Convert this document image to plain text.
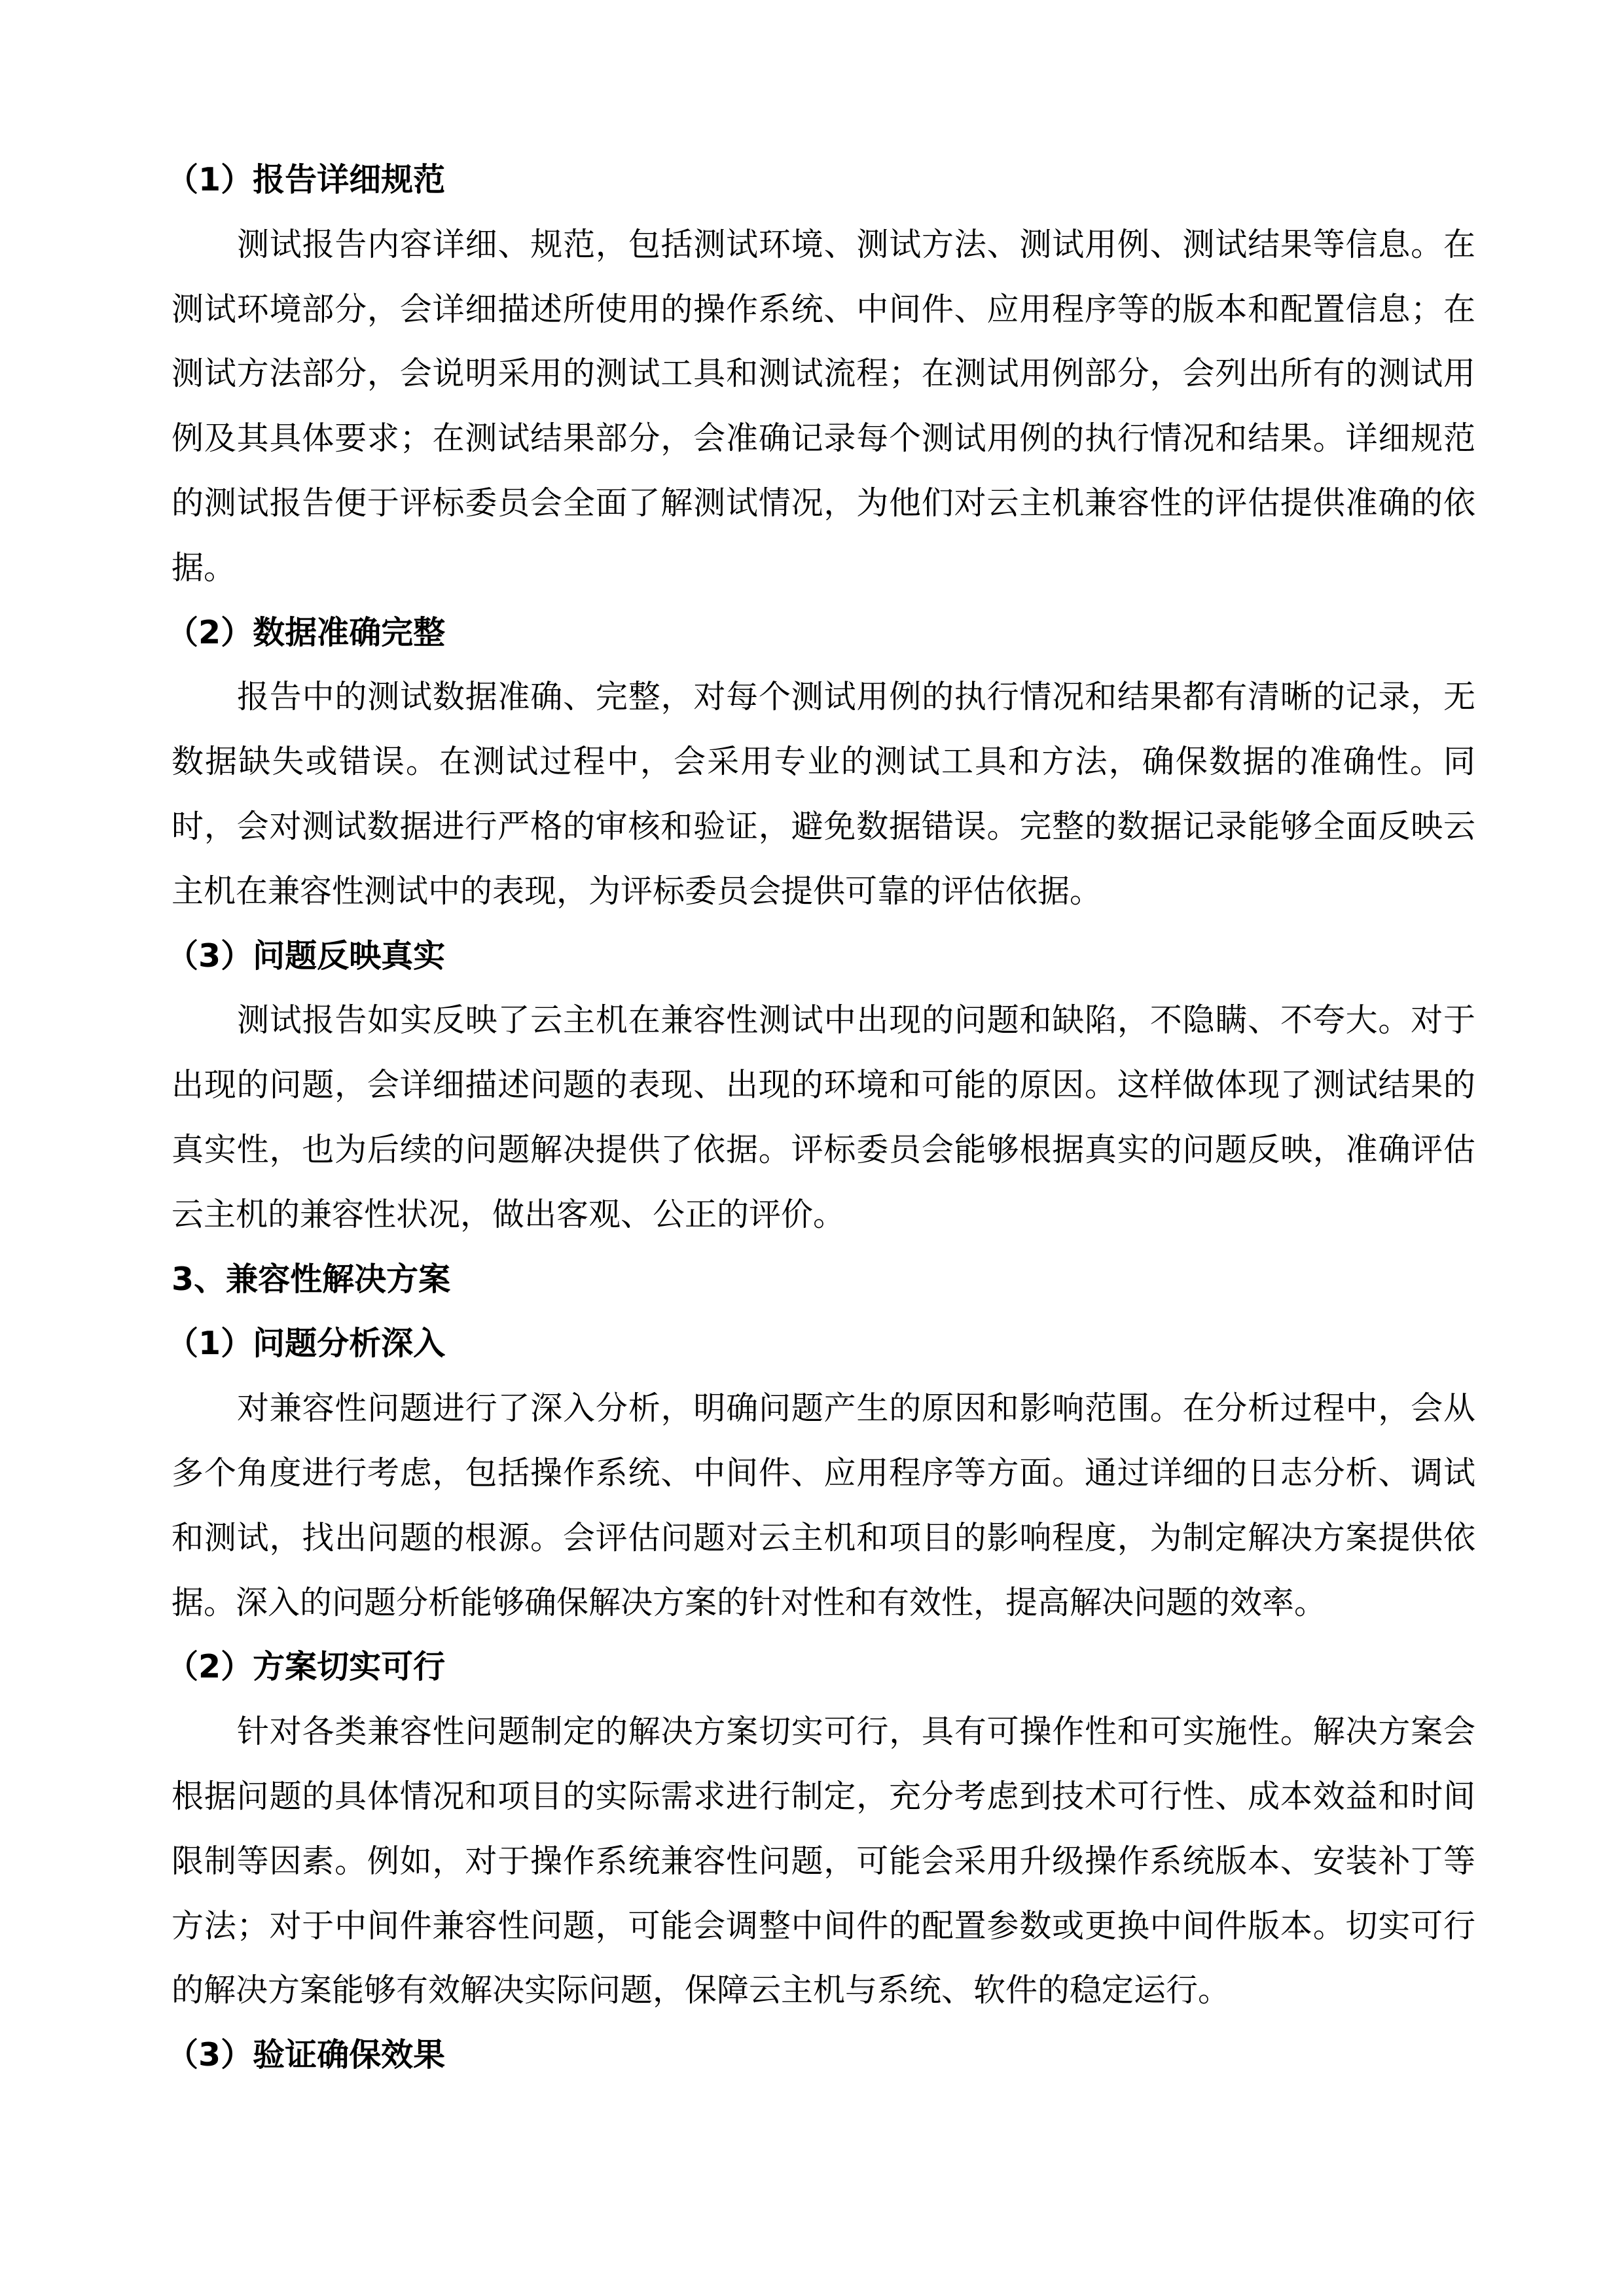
（1）报告详细规范
测试报告内容详细、规范，包括测试环境、测试方法、测试用例、测试结果等信息。在
测试环境部分，会详细描述所使用的操作系统、中间件、应用程序等的版本和配置信息；在
测试方法部分，会说明采用的测试工具和测试流程；在测试用例部分，会列出所有的测试用
例及其具体要求；在测试结果部分，会准确记录每个测试用例的执行情况和结果。详细规范
的测试报告便于评标委员会全面了解测试情况，为他们对云主机兼容性的评估提供准确的依
据。
（2）数据准确完整
报告中的测试数据准确、完整，对每个测试用例的执行情况和结果都有清晰的记录，无
数据缺失或错误。在测试过程中，会采用专业的测试工具和方法，确保数据的准确性。同
时，会对测试数据进行严格的审核和验证，避免数据错误。完整的数据记录能够全面反映云
主机在兼容性测试中的表现，为评标委员会提供可靠的评估依据。
（3）问题反映真实
测试报告如实反映了云主机在兼容性测试中出现的问题和缺陷，不隐瞒、不夸大。对于
出现的问题，会详细描述问题的表现、出现的环境和可能的原因。这样做体现了测试结果的
真实性，也为后续的问题解决提供了依据。评标委员会能够根据真实的问题反映，准确评估
云主机的兼容性状况，做出客观、公正的评价。
3、兼容性解决方案
（1）问题分析深入
对兼容性问题进行了深入分析，明确问题产生的原因和影响范围。在分析过程中，会从
多个角度进行考虑，包括操作系统、中间件、应用程序等方面。通过详细的日志分析、调试
和测试，找出问题的根源。会评估问题对云主机和项目的影响程度，为制定解决方案提供依
据。深入的问题分析能够确保解决方案的针对性和有效性，提高解决问题的效率。
（2）方案切实可行
针对各类兼容性问题制定的解决方案切实可行，具有可操作性和可实施性。解决方案会
根据问题的具体情况和项目的实际需求进行制定，充分考虑到技术可行性、成本效益和时间
限制等因素。例如，对于操作系统兼容性问题，可能会采用升级操作系统版本、安装补丁等
方法；对于中间件兼容性问题，可能会调整中间件的配置参数或更换中间件版本。切实可行
的解决方案能够有效解决实际问题，保障云主机与系统、软件的稳定运行。
（3）验证确保效果
